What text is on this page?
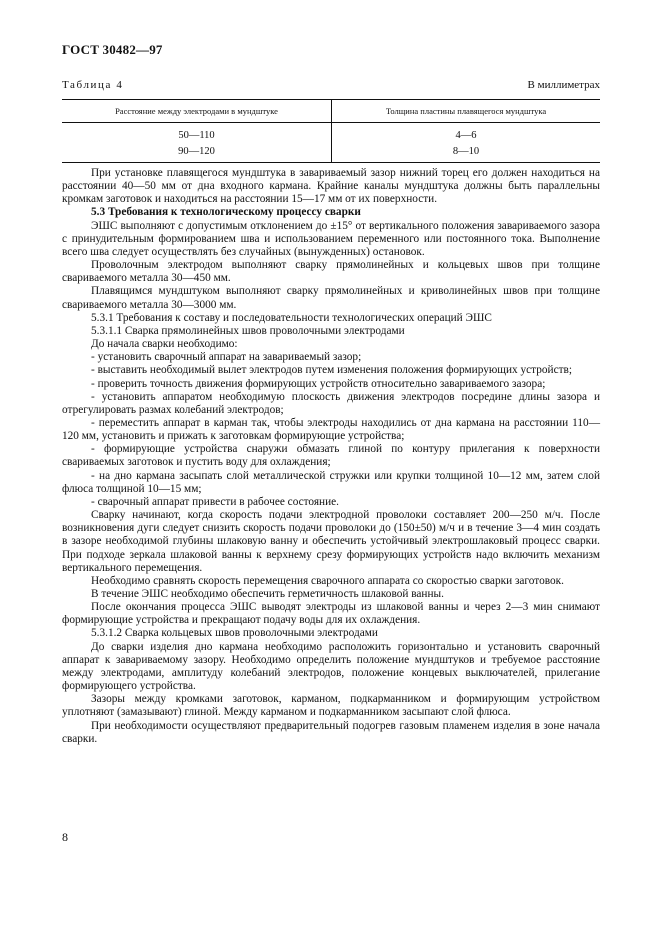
ГОСТ 30482—97
Таблица 4	В миллиметрах
Расстояние между электродами в мундштуке	Толщина пластины плавящегося мундштука
50—110	4—6
90—120	8—10

При установке плавящегося мундштука в завариваемый зазор нижний торец его должен находиться на расстоянии 40—50 мм от дна входного кармана. Крайние каналы мундштука должны быть параллельны кромкам заготовок и находиться на расстоянии 15—17 мм от их поверхности.

5.3 Требования к технологическому процессу сварки

ЭШС выполняют с допустимым отклонением до ±15° от вертикального положения завариваемого зазора с принудительным формированием шва и использованием переменного или постоянного тока. Выполнение всего шва следует осуществлять без случайных (вынужденных) остановок.

Проволочным электродом выполняют сварку прямолинейных и кольцевых швов при толщине свариваемого металла 30—450 мм.

Плавящимся мундштуком выполняют сварку прямолинейных и криволинейных швов при толщине свариваемого металла 30—3000 мм.

5.3.1 Требования к составу и последовательности технологических операций ЭШС

5.3.1.1 Сварка прямолинейных швов проволочными электродами

До начала сварки необходимо:

- установить сварочный аппарат на завариваемый зазор;

- выставить необходимый вылет электродов путем изменения положения формирующих устройств;

- проверить точность движения формирующих устройств относительно завариваемого зазора;

- установить аппаратом необходимую плоскость движения электродов посредине длины зазора и отрегулировать размах колебаний электродов;

- переместить аппарат в карман так, чтобы электроды находились от дна кармана на расстоянии 110—120 мм, установить и прижать к заготовкам формирующие устройства;

- формирующие устройства снаружи обмазать глиной по контуру прилегания к поверхности свариваемых заготовок и пустить воду для охлаждения;

- на дно кармана засыпать слой металлической стружки или крупки толщиной 10—12 мм, затем слой флюса толщиной 10—15 мм;

- сварочный аппарат привести в рабочее состояние.

Сварку начинают, когда скорость подачи электродной проволоки составляет 200—250 м/ч. После возникновения дуги следует снизить скорость подачи проволоки до (150±50) м/ч и в течение 3—4 мин создать в зазоре необходимой глубины шлаковую ванну и обеспечить устойчивый электрошлаковый процесс сварки. При подходе зеркала шлаковой ванны к верхнему срезу формирующих устройств надо включить механизм вертикального перемещения.

Необходимо сравнять скорость перемещения сварочного аппарата со скоростью сварки заготовок.

В течение ЭШС необходимо обеспечить герметичность шлаковой ванны.

После окончания процесса ЭШС выводят электроды из шлаковой ванны и через 2—3 мин снимают формирующие устройства и прекращают подачу воды для их охлаждения.

5.3.1.2 Сварка кольцевых швов проволочными электродами

До сварки изделия дно кармана необходимо расположить горизонтально и установить сварочный аппарат к завариваемому зазору. Необходимо определить положение мундштуков и требуемое расстояние между электродами, амплитуду колебаний электродов, положение концевых выключателей, прилегание формирующего устройства.

Зазоры между кромками заготовок, карманом, подкарманником и формирующим устройством уплотняют (замазывают) глиной. Между карманом и подкарманником засыпают слой флюса.

При необходимости осуществляют предварительный подогрев газовым пламенем изделия в зоне начала сварки.

8
